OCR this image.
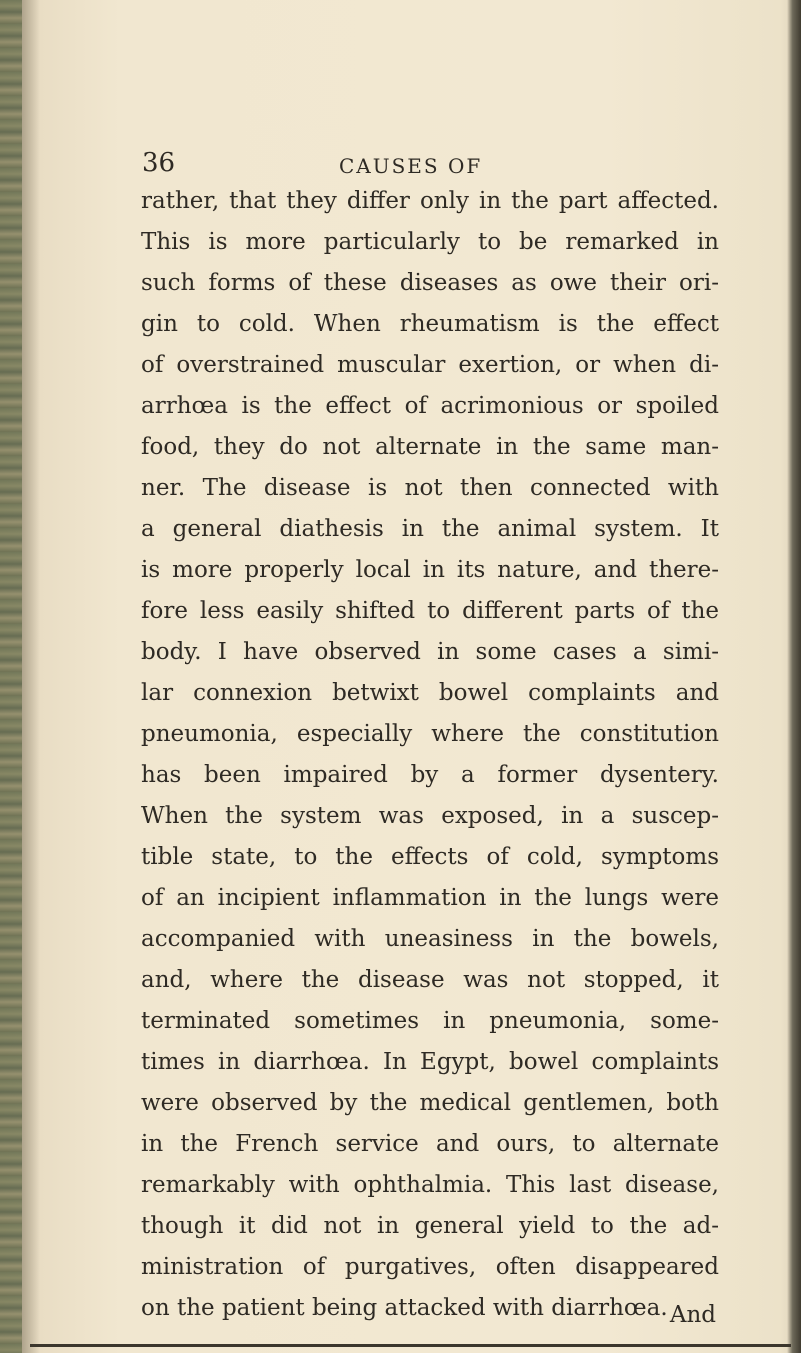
36	CAUSES OF
rather, that they differ only in the part affected.
This is more particularly to be remarked in
such forms of these diseases as owe their ori-
gin to cold. When rheumatism is the effect
of overstrained muscular exertion, or when di-
arrhœa is the effect of acrimonious or spoiled
food, they do not alternate in the same man-
ner. The disease is not then connected with
a general diathesis in the animal system. It
is more properly local in its nature, and there-
fore less easily shifted to different parts of the
body. I have observed in some cases a simi-
lar connexion betwixt bowel complaints and
pneumonia, especially where the constitution
has been impaired by a former dysentery.
When the system was exposed, in a suscep-
tible state, to the effects of cold, symptoms
of an incipient inflammation in the lungs were
accompanied with uneasiness in the bowels,
and, where the disease was not stopped, it
terminated sometimes in pneumonia, some-
times in diarrhœa. In Egypt, bowel complaints
were observed by the medical gentlemen, both
in the French service and ours, to alternate
remarkably with ophthalmia. This last disease,
though it did not in general yield to the ad-
ministration of purgatives, often disappeared
on the patient being attacked with diarrhœa. And
